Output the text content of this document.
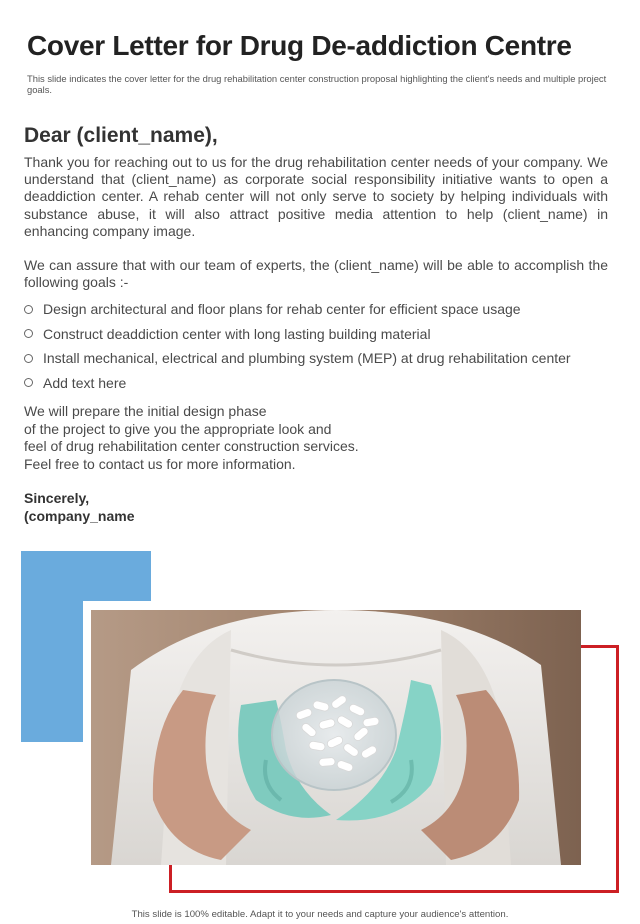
Cover Letter for Drug De-addiction Centre
This slide indicates the cover letter for the drug rehabilitation center construction proposal highlighting the client's needs and multiple project goals.
Dear (client_name),
Thank you for reaching out to us for the drug rehabilitation center needs of your company. We understand that (client_name) as corporate social responsibility initiative wants to open a deaddiction center. A rehab center will not only serve to society by helping individuals with substance abuse, it will also attract positive media attention to help (client_name) in enhancing company image.
We can assure that with our team of experts, the (client_name) will be able to accomplish the following goals :-
Design architectural and floor plans for rehab center for efficient space usage
Construct deaddiction center with long lasting building material
Install mechanical, electrical and plumbing system (MEP) at drug rehabilitation center
Add text here
We will prepare the initial design phase
of the project to give you the appropriate look and
feel of drug rehabilitation center construction services.
Feel free to contact us for more information.
Sincerely,
(company_name
This slide is 100% editable. Adapt it to your needs and capture your audience's attention.
